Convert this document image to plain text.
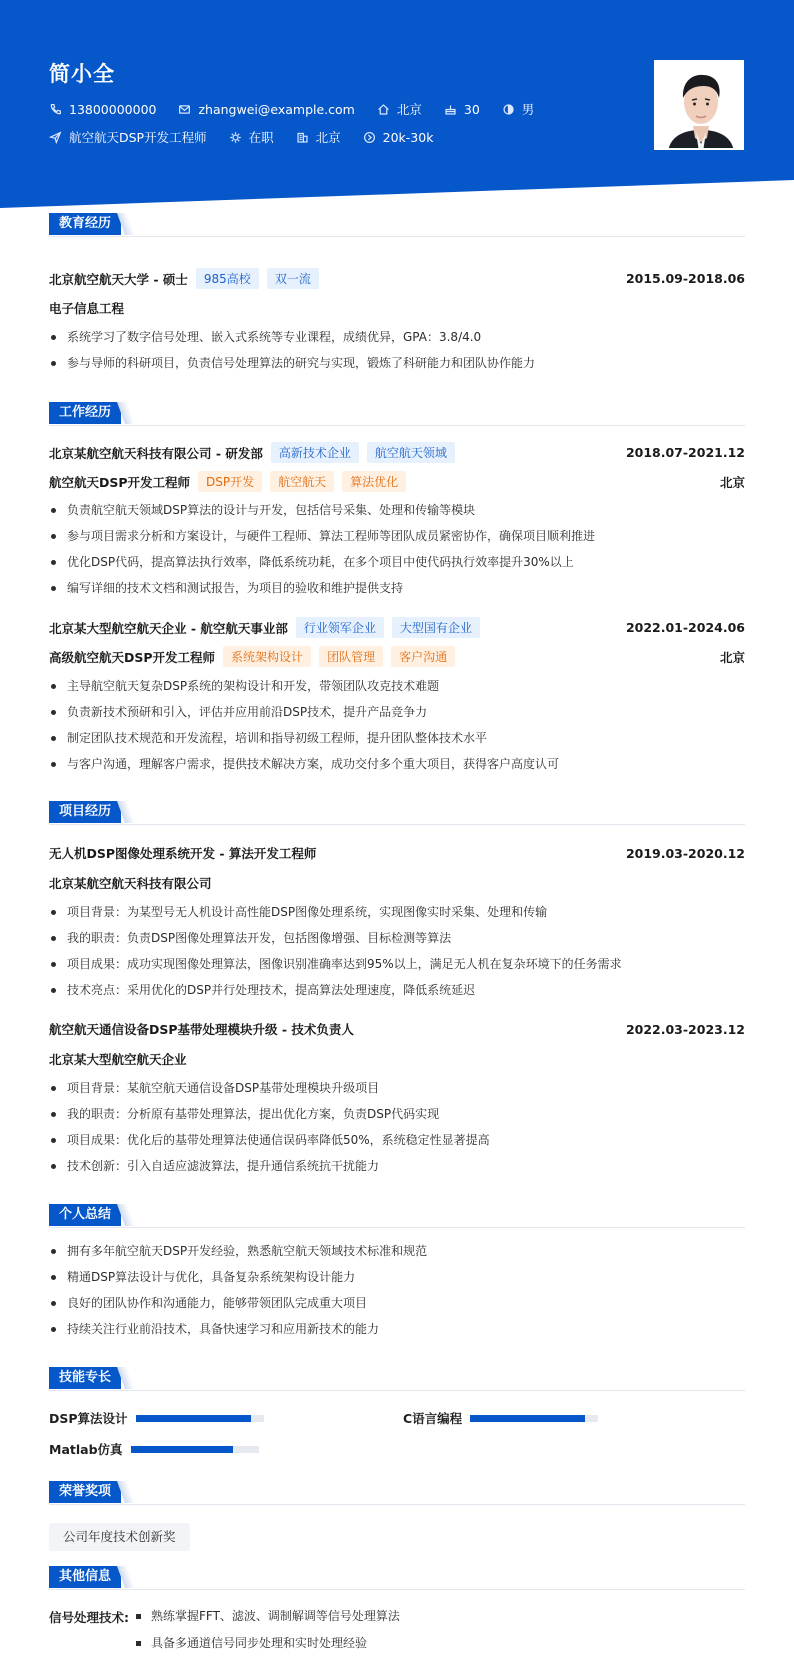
简小全
13800000000	zhangwei@example.com	北京	30	男
航空航天DSP开发工程师	在职	北京	20k-30k
教育经历
北京航空航天大学 - 硕士	985高校	双一流	2015.09-2018.06
电子信息工程
系统学习了数字信号处理、嵌入式系统等专业课程，成绩优异，GPA：3.8/4.0
参与导师的科研项目，负责信号处理算法的研究与实现，锻炼了科研能力和团队协作能力
工作经历
北京某航空航天科技有限公司 - 研发部	高新技术企业	航空航天领域	2018.07-2021.12
航空航天DSP开发工程师	DSP开发	航空航天	算法优化	北京
负责航空航天领域DSP算法的设计与开发，包括信号采集、处理和传输等模块
参与项目需求分析和方案设计，与硬件工程师、算法工程师等团队成员紧密协作，确保项目顺利推进
优化DSP代码，提高算法执行效率，降低系统功耗，在多个项目中使代码执行效率提升30%以上
编写详细的技术文档和测试报告，为项目的验收和维护提供支持
北京某大型航空航天企业 - 航空航天事业部	行业领军企业	大型国有企业	2022.01-2024.06
高级航空航天DSP开发工程师	系统架构设计	团队管理	客户沟通	北京
主导航空航天复杂DSP系统的架构设计和开发，带领团队攻克技术难题
负责新技术预研和引入，评估并应用前沿DSP技术，提升产品竞争力
制定团队技术规范和开发流程，培训和指导初级工程师，提升团队整体技术水平
与客户沟通，理解客户需求，提供技术解决方案，成功交付多个重大项目，获得客户高度认可
项目经历
无人机DSP图像处理系统开发 - 算法开发工程师	2019.03-2020.12
北京某航空航天科技有限公司
项目背景：为某型号无人机设计高性能DSP图像处理系统，实现图像实时采集、处理和传输
我的职责：负责DSP图像处理算法开发，包括图像增强、目标检测等算法
项目成果：成功实现图像处理算法，图像识别准确率达到95%以上，满足无人机在复杂环境下的任务需求
技术亮点：采用优化的DSP并行处理技术，提高算法处理速度，降低系统延迟
航空航天通信设备DSP基带处理模块升级 - 技术负责人	2022.03-2023.12
北京某大型航空航天企业
项目背景：某航空航天通信设备DSP基带处理模块升级项目
我的职责：分析原有基带处理算法，提出优化方案，负责DSP代码实现
项目成果：优化后的基带处理算法使通信误码率降低50%，系统稳定性显著提高
技术创新：引入自适应滤波算法，提升通信系统抗干扰能力
个人总结
拥有多年航空航天DSP开发经验，熟悉航空航天领域技术标准和规范
精通DSP算法设计与优化，具备复杂系统架构设计能力
良好的团队协作和沟通能力，能够带领团队完成重大项目
持续关注行业前沿技术，具备快速学习和应用新技术的能力
技能专长
DSP算法设计	C语言编程
Matlab仿真
荣誉奖项
公司年度技术创新奖
其他信息
信号处理技术:	熟练掌握FFT、滤波、调制解调等信号处理算法
具备多通道信号同步处理和实时处理经验
